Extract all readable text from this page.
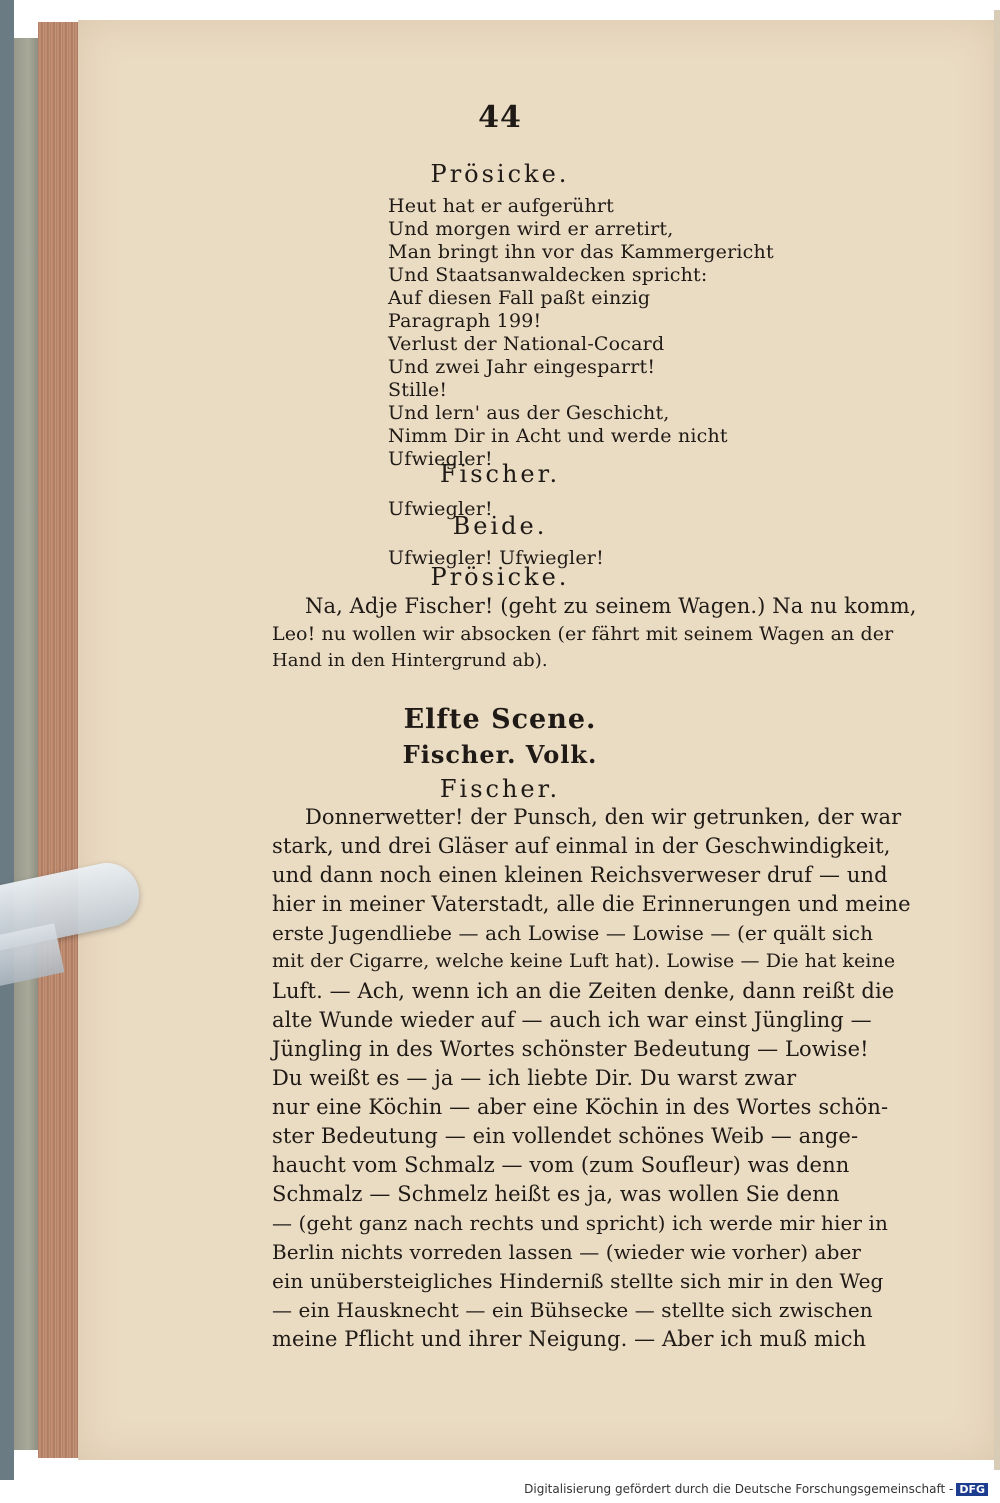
44
Prösicke.
Heut hat er aufgerührt
Und morgen wird er arretirt,
Man bringt ihn vor das Kammergericht
Und Staatsanwaldecken spricht:
Auf diesen Fall paßt einzig
Paragraph 199!
Verlust der National-Cocard
Und zwei Jahr eingesparrt!
Stille!
Und lern' aus der Geschicht,
Nimm Dir in Acht und werde nicht
Ufwiegler!
Fischer.
Ufwiegler!
Beide.
Ufwiegler! Ufwiegler!
Prösicke.
Na, Adje Fischer! (geht zu seinem Wagen.) Na nu komm,
Leo! nu wollen wir absocken (er fährt mit seinem Wagen an der
Hand in den Hintergrund ab).
Elfte Scene.
Fischer. Volk.
Fischer.
Donnerwetter! der Punsch, den wir getrunken, der war
stark, und drei Gläser auf einmal in der Geschwindigkeit,
und dann noch einen kleinen Reichsverweser druf — und
hier in meiner Vaterstadt, alle die Erinnerungen und meine
erste Jugendliebe — ach Lowise — Lowise — (er quält sich
mit der Cigarre, welche keine Luft hat). Lowise — Die hat keine
Luft. — Ach, wenn ich an die Zeiten denke, dann reißt die
alte Wunde wieder auf — auch ich war einst Jüngling —
Jüngling in des Wortes schönster Bedeutung — Lowise!
Du weißt es — ja — ich liebte Dir. Du warst zwar
nur eine Köchin — aber eine Köchin in des Wortes schön-
ster Bedeutung — ein vollendet schönes Weib — ange-
haucht vom Schmalz — vom (zum Soufleur) was denn
Schmalz — Schmelz heißt es ja, was wollen Sie denn
— (geht ganz nach rechts und spricht) ich werde mir hier in
Berlin nichts vorreden lassen — (wieder wie vorher) aber
ein unübersteigliches Hinderniß stellte sich mir in den Weg
— ein Hausknecht — ein Bühsecke — stellte sich zwischen
meine Pflicht und ihrer Neigung. — Aber ich muß mich
Digitalisierung gefördert durch die Deutsche Forschungsgemeinschaft - DFG
